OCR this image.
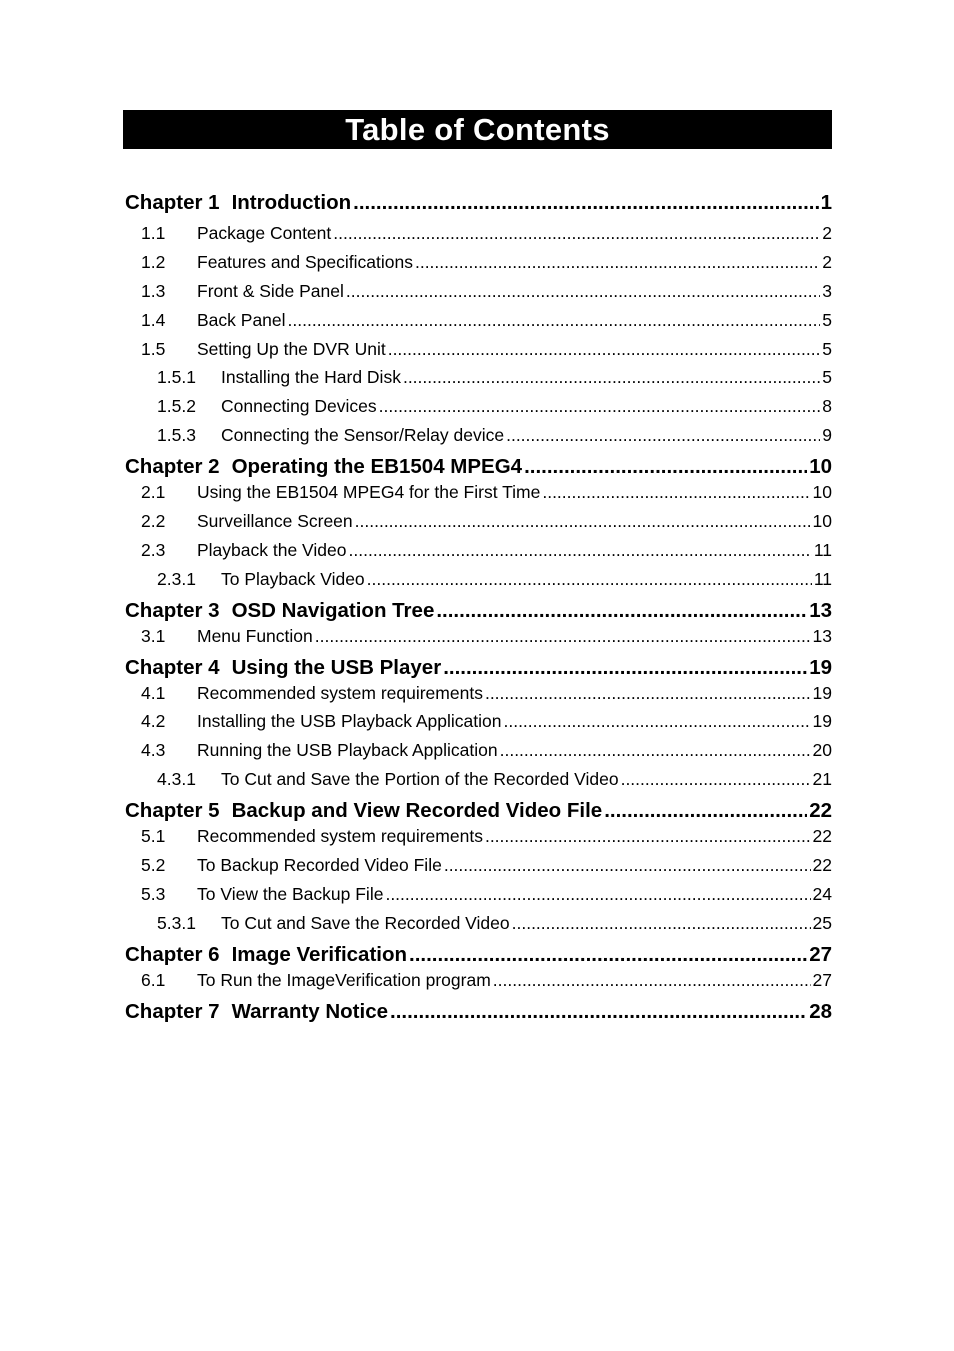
Table of Contents
Chapter 1 Introduction .....	1
1.1	Package Content .....	2
1.2	Features and Specifications .....	2
1.3	Front & Side Panel .....	3
1.4	Back Panel .....	5
1.5	Setting Up the DVR Unit .....	5
1.5.1	Installing the Hard Disk .....	5
1.5.2	Connecting Devices .....	8
1.5.3	Connecting the Sensor/Relay device .....	9
Chapter 2 Operating the EB1504 MPEG4 .....	10
2.1	Using the EB1504 MPEG4 for the First Time .....	10
2.2	Surveillance Screen .....	10
2.3	Playback the Video .....	11
2.3.1	To Playback Video .....	11
Chapter 3 OSD Navigation Tree .....	13
3.1	Menu Function .....	13
Chapter 4 Using the USB Player .....	19
4.1	Recommended system requirements .....	19
4.2	Installing the USB Playback Application .....	19
4.3	Running the USB Playback Application .....	20
4.3.1	To Cut and Save the Portion of the Recorded Video .....	21
Chapter 5 Backup and View Recorded Video File .....	22
5.1	Recommended system requirements .....	22
5.2	To Backup Recorded Video File .....	22
5.3	To View the Backup File .....	24
5.3.1	To Cut and Save the Recorded Video .....	25
Chapter 6 Image Verification .....	27
6.1	To Run the ImageVerification program .....	27
Chapter 7 Warranty Notice .....	28
